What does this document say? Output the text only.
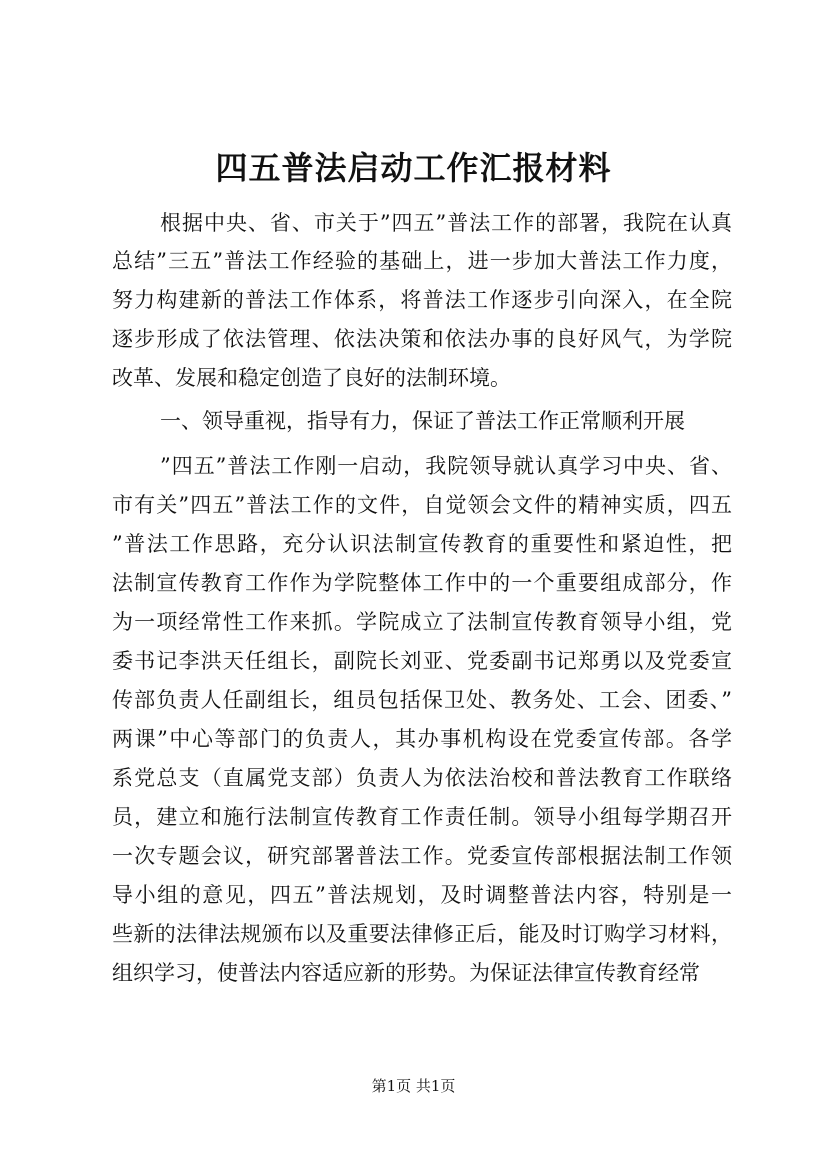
四五普法启动工作汇报材料
根据中央、省、市关于”四五”普法工作的部署，我院在认真
总结”三五”普法工作经验的基础上，进一步加大普法工作力度，
努力构建新的普法工作体系，将普法工作逐步引向深入，在全院
逐步形成了依法管理、依法决策和依法办事的良好风气，为学院
改革、发展和稳定创造了良好的法制环境。
一、领导重视，指导有力，保证了普法工作正常顺利开展
”四五”普法工作刚一启动，我院领导就认真学习中央、省、
市有关”四五”普法工作的文件，自觉领会文件的精神实质，四五
”普法工作思路，充分认识法制宣传教育的重要性和紧迫性，把
法制宣传教育工作作为学院整体工作中的一个重要组成部分，作
为一项经常性工作来抓。学院成立了法制宣传教育领导小组，党
委书记李洪天任组长，副院长刘亚、党委副书记郑勇以及党委宣
传部负责人任副组长，组员包括保卫处、教务处、工会、团委、”
两课”中心等部门的负责人，其办事机构设在党委宣传部。各学
系党总支（直属党支部）负责人为依法治校和普法教育工作联络
员，建立和施行法制宣传教育工作责任制。领导小组每学期召开
一次专题会议，研究部署普法工作。党委宣传部根据法制工作领
导小组的意见，四五”普法规划，及时调整普法内容，特别是一
些新的法律法规颁布以及重要法律修正后，能及时订购学习材料，
组织学习，使普法内容适应新的形势。为保证法律宣传教育经常
第1页 共1页
